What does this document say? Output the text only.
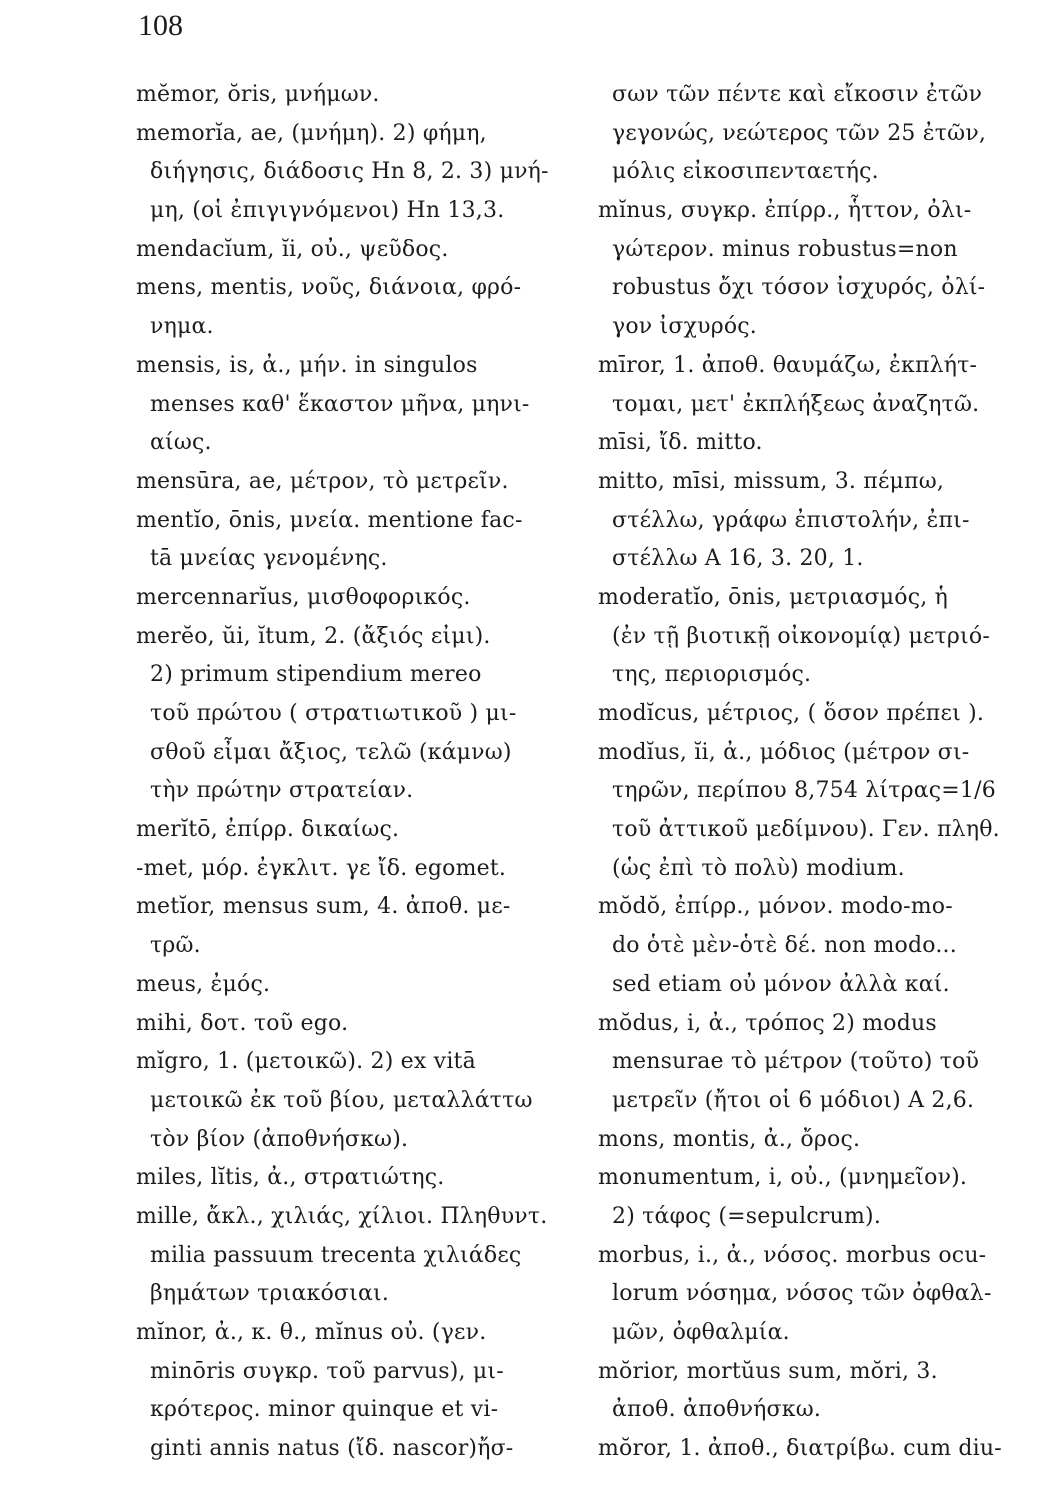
108
mĕmor, ŏris, μνήμων.
memorĭa, ae, (μνήμη). 2) φήμη,
διήγησις, διάδοσις Hn 8, 2. 3) μνή-
μη, (οἱ ἐπιγιγνόμενοι) Hn 13,3.
mendacĭum, ĭi, οὐ., ψεῦδος.
mens, mentis, νοῦς, διάνοια, φρό-
νημα.
mensis, is, ἀ., μήν. in singulos
menses καθ' ἕκαστον μῆνα, μηνι-
αίως.
mensūra, ae, μέτρον, τὸ μετρεῖν.
mentĭo, ōnis, μνεία. mentione fac-
tā μνείας γενομένης.
mercennarĭus, μισθοφορικός.
merĕo, ŭi, ĭtum, 2. (ἄξιός εἰμι).
2) primum stipendium mereo
τοῦ πρώτου ( στρατιωτικοῦ ) μι-
σθοῦ εἶμαι ἄξιος, τελῶ (κάμνω)
τὴν πρώτην στρατείαν.
merĭtō, ἐπίρρ. δικαίως.
-met, μόρ. ἐγκλιτ. γε ἴδ. egomet.
metĭor, mensus sum, 4. ἀποθ. με-
τρῶ.
meus, ἐμός.
mihi, δοτ. τοῦ ego.
mĭgro, 1. (μετοικῶ). 2) ex vitā
μετοικῶ ἐκ τοῦ βίου, μεταλλάττω
τὸν βίον (ἀποθνήσκω).
miles, lĭtis, ἀ., στρατιώτης.
mille, ἄκλ., χιλιάς, χίλιοι. Πληθυντ.
milia passuum trecenta χιλιάδες
βημάτων τριακόσιαι.
mĭnor, ἀ., κ. θ., mĭnus οὐ. (γεν.
minōris συγκρ. τοῦ parvus), μι-
κρότερος. minor quinque et vi-
ginti annis natus (ἴδ. nascor)ἤσ-
σων τῶν πέντε καὶ εἴκοσιν ἐτῶν
γεγονώς, νεώτερος τῶν 25 ἐτῶν,
μόλις εἰκοσιπενταετής.
mĭnus, συγκρ. ἐπίρρ., ἧττον, ὀλι-
γώτερον. minus robustus=non
robustus ὄχι τόσον ἰσχυρός, ὀλί-
γον ἰσχυρός.
mīror, 1. ἀποθ. θαυμάζω, ἐκπλήτ-
τομαι, μετ' ἐκπλήξεως ἀναζητῶ.
mīsi, ἴδ. mitto.
mitto, mīsi, missum, 3. πέμπω,
στέλλω, γράφω ἐπιστολήν, ἐπι-
στέλλω A 16, 3. 20, 1.
moderatĭo, ōnis, μετριασμός, ἡ
(ἐν τῇ βιοτικῇ οἰκονομίᾳ) μετριό-
της, περιορισμός.
modĭcus, μέτριος, ( ὅσον πρέπει ).
modĭus, ĭi, ἀ., μόδιος (μέτρον σι-
τηρῶν, περίπου 8,754 λίτρας=1/6
τοῦ ἀττικοῦ μεδίμνου). Γεν. πληθ.
(ὡς ἐπὶ τὸ πολὺ) modium.
mŏdŏ, ἐπίρρ., μόνον. modo-mo-
do ὁτὲ μὲν-ὁτὲ δέ. non modo...
sed etiam οὐ μόνον ἀλλὰ καί.
mŏdus, i, ἀ., τρόπος 2) modus
mensurae τὸ μέτρον (τοῦτο) τοῦ
μετρεῖν (ἤτοι οἱ 6 μόδιοι) A 2,6.
mons, montis, ἀ., ὄρος.
monumentum, i, οὐ., (μνημεῖον).
2) τάφος (=sepulcrum).
morbus, i., ἀ., νόσος. morbus ocu-
lorum νόσημα, νόσος τῶν ὀφθαλ-
μῶν, ὀφθαλμία.
mŏrior, mortŭus sum, mŏri, 3.
ἀποθ. ἀποθνήσκω.
mŏror, 1. ἀποθ., διατρίβω. cum diu-
